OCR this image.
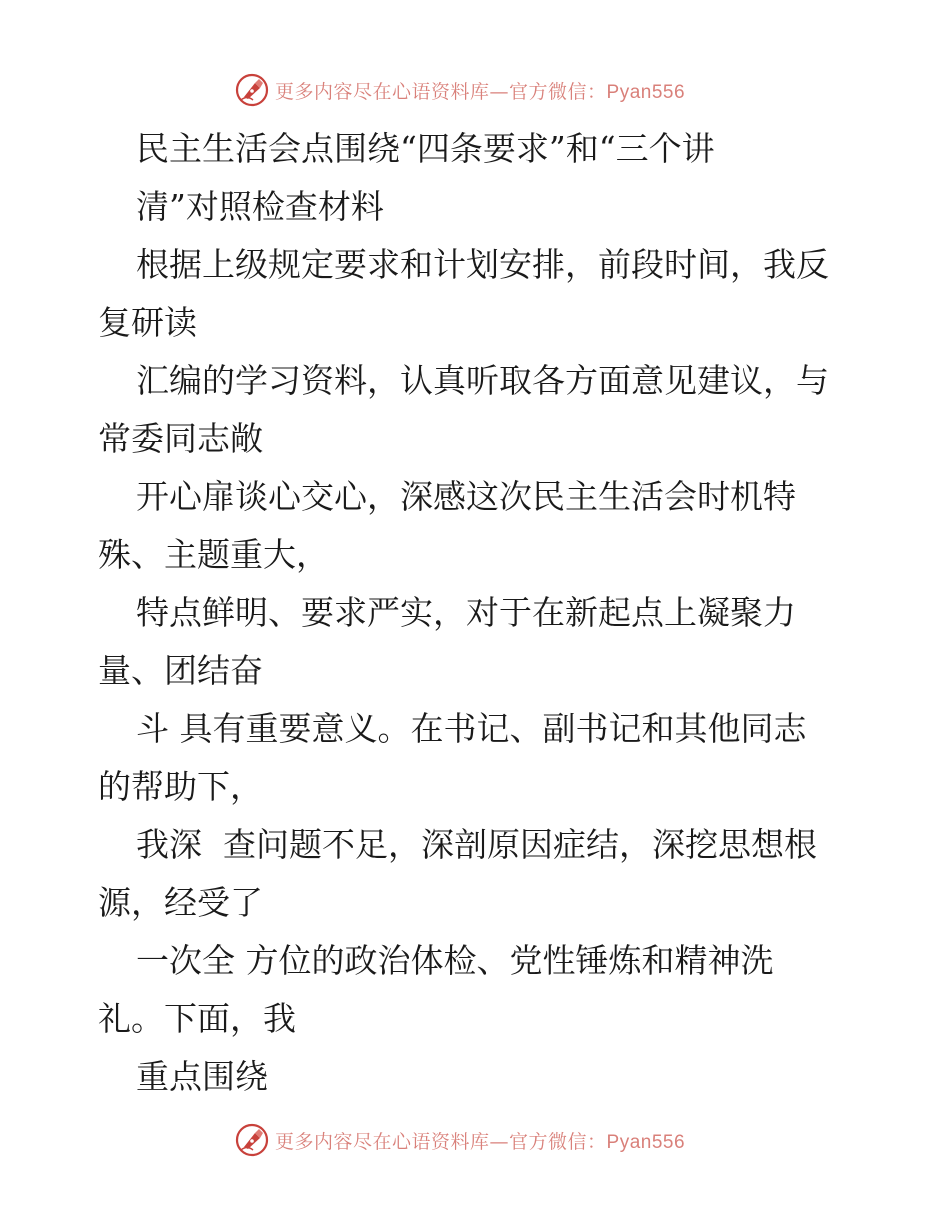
更多内容尽在心语资料库—官方微信：Pyan556
民主生活会点围绕“四条要求”和“三个讲
清”对照检查材料
根据上级规定要求和计划安排，前段时间，我反
复研读
汇编的学习资料，认真听取各方面意见建议，与
常委同志敞
开心扉谈心交心，深感这次民主生活会时机特
殊、主题重大，
特点鲜明、要求严实，对于在新起点上凝聚力
量、团结奋
斗 具有重要意义。在书记、副书记和其他同志
的帮助下，
我深  查问题不足，深剖原因症结，深挖思想根
源，经受了
一次全 方位的政治体检、党性锤炼和精神洗
礼。下面，我
重点围绕
更多内容尽在心语资料库—官方微信：Pyan556
